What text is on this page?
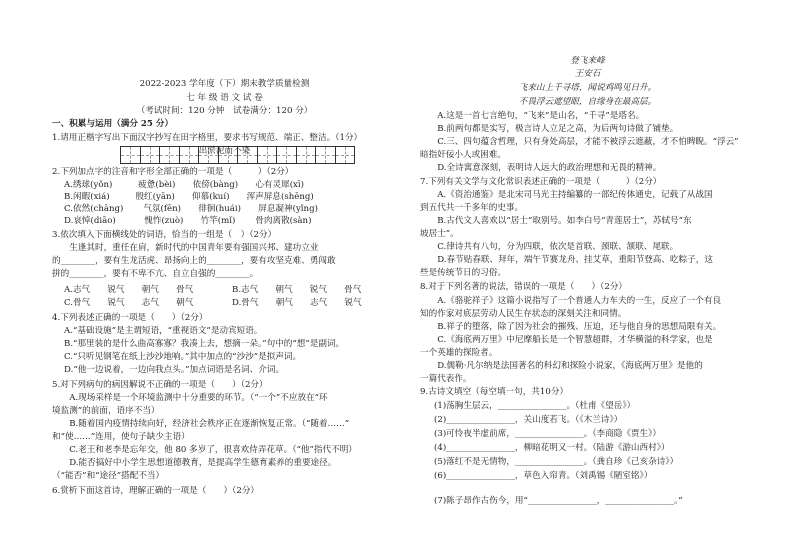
2022-2023 学年度（下）期末教学质量检测
七 年 级 语 文 试 卷
（考试时间：120 分钟　试卷满分：120 分）
一、积累与运用（满分 25 分）
1.请用正楷字写出下面汉字抄写在田字格里，要求书写规范、端正、整洁。（1分）
出淤泥而不染
2.下列加点字的注音和字形全部正确的一项是（　　　）（2分）
A.绣球(yǒn)　　　疲惫(bèi)　　依傍(bàng)　　心有灵犀(xī)
B.闲暇(xiá)　　　殷红(yān)　　仰慕(kuí)　　浑声屏息(shēng)
C.依然(chāng)　　 气氛(fēn)　　徘徊(huái)　　屏息凝神(yǐng)
D.哀悼(diāo)　　　 愧怍(zuò)　　竹竿(mǐ)　　 骨肉离散(sàn)
3.依次填入下面横线处的词语，恰当的一组是（　）（2分）
　　生逢其时，重任在肩，新时代的中国青年要有强国兴邦、建功立业
的________，要有生龙活虎、昂扬向上的________，要有攻坚克难、勇闯敢
拼的________，要有不卑不亢、自立自强的________。
A.志气　　锐气　　朝气　　骨气	B.志气　　朝气　　锐气　　骨气
C.骨气　　锐气　　志气　　朝气	D.骨气　　朝气　　志气　　锐气
4.下列表述正确的一项是（　　）（2分）
A.“基础设施”是主谓短语，“重视语文”是动宾短语。
B.“那里装的是什么曲高寡寡？我凑上去，想摘一朵。”句中的“想”是副词。
C.“只听见钢笔在纸上沙沙地响。”其中加点的“沙沙”是拟声词。
D.“他一边说着，一边向我点头。”加点词语是名词、介词。
5.对下列病句的病因解说不正确的一项是（　　）（2分）
　　A.现场采样是一个环境监测中十分重要的环节。（“一个”不应放在“环
境监测”的前面，语序不当）
　　B.随着国内疫情持续向好，经济社会秩序正在逐渐恢复正常。（“随着……”
和“使……”连用，使句子缺少主语）
　　C.老王和老李是忘年交，他 80 多岁了，很喜欢侍弄花草。（“他”指代不明）
　　D.能否搞好中小学生思想道德教育，是提高学生德育素养的重要途径。
（“能否”和“途径”搭配不当）
6.赏析下面这首诗，理解正确的一项是（　　）（2分）
登飞来峰
王安石
飞来山上千寻塔，闻说鸡鸣见日升。
不畏浮云遮望眼，自缘身在最高层。
　　A.这是一首七言绝句，“飞来”是山名，“千寻”是塔名。
　　B.前两句都是实写，极言诗人立足之高，为后两句诗做了铺垫。
　　C.三、四句蕴含哲理，只有身处高层，才能不被浮云遮蔽，才不怕睥睨。“浮云”
暗指奸佞小人或困难。
　　D.全诗寓意深刻，表明诗人远大的政治理想和无畏的精神。
7.下列有关文学与文化常识表述正确的一项是（　　　）（2分）
　　A.《资治通鉴》是北宋司马光主持编纂的一部纪传体通史，记载了从战国
到五代共一千多年的史事。
　　B.古代文人喜欢以“居士”取别号。如李白号“青莲居士”，苏轼号“东
坡居士”。
　　C.律诗共有八句，分为四联，依次是首联、颈联、颔联、尾联。
　　D.春节贴春联、拜年，端午节赛龙舟、挂艾草，重阳节登高、吃粽子，这
些是传统节日的习俗。
8.对于下列名著的说法，错误的一项是（　　）（2分）
　　A.《骆驼祥子》这篇小说指写了一个普通人力车夫的一生，反应了一个有良
知的作家对底层劳动人民生存状态的深刻关注和同情。
　　B.祥子的堕落，除了因为社会的摧残、压迫，还与他自身的思想局限有关。
　　C.《海底两万里》中尼摩船长是一个智慧超群，才华横溢的科学家，也是
一个英雄的探险者。
　　D.儒勒·凡尔纳是法国著名的科幻和探险小说家，《海底两万里》是他的
一篇代表作。
9.古诗文填空（每空填一句，共10分）
(1)荡胸生层云，________________。（杜甫《望岳》）
(2)________________，关山度若飞。（《木兰诗》）
(3)可怜夜半虚前席，________________。（李商隐《贾生》）
(4)________________，柳暗花明又一村。（陆游《游山西村》）
(5)落红不是无情物，________________。（龚自珍《己亥杂诗》）
(6)________________，草色入帘青。（刘禹锡《陋室铭》）
(7)陈子昂作古伤今，用“________________，________________。”
